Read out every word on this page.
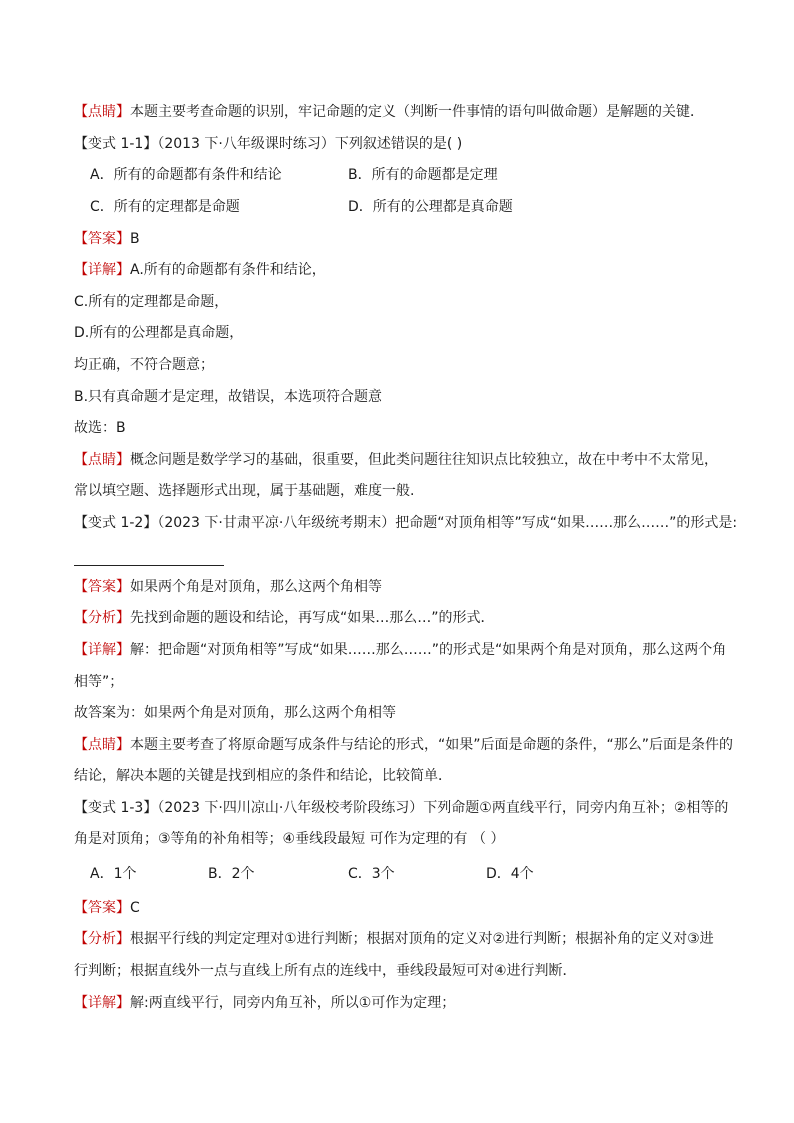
【点睛】本题主要考查命题的识别，牢记命题的定义（判断一件事情的语句叫做命题）是解题的关键．
【变式 1-1】（2013 下·八年级课时练习）下列叙述错误的是( )
A．所有的命题都有条件和结论	B．所有的命题都是定理
C．所有的定理都是命题	D．所有的公理都是真命题
【答案】B
【详解】A.所有的命题都有条件和结论，
C.所有的定理都是命题，
D.所有的公理都是真命题，
均正确，不符合题意；
B.只有真命题才是定理，故错误，本选项符合题意
故选：B
【点睛】概念问题是数学学习的基础，很重要，但此类问题往往知识点比较独立，故在中考中不太常见，
常以填空题、选择题形式出现，属于基础题，难度一般.
【变式 1-2】（2023 下·甘肃平凉·八年级统考期末）把命题“对顶角相等”写成“如果……那么……”的形式是:
【答案】如果两个角是对顶角，那么这两个角相等
【分析】先找到命题的题设和结论，再写成“如果…那么…”的形式．
【详解】解：把命题“对顶角相等”写成“如果……那么……”的形式是“如果两个角是对顶角，那么这两个角
相等”；
故答案为：如果两个角是对顶角，那么这两个角相等
【点睛】本题主要考查了将原命题写成条件与结论的形式，“如果”后面是命题的条件，“那么”后面是条件的
结论，解决本题的关键是找到相应的条件和结论，比较简单．
【变式 1-3】（2023 下·四川凉山·八年级校考阶段练习）下列命题①两直线平行，同旁内角互补；②相等的
角是对顶角；③等角的补角相等；④垂线段最短 可作为定理的有 （ ）
A．1个	B．2个	C．3个	D．4个
【答案】C
【分析】根据平行线的判定定理对①进行判断；根据对顶角的定义对②进行判断；根据补角的定义对③进
行判断；根据直线外一点与直线上所有点的连线中，垂线段最短可对④进行判断．
【详解】解:两直线平行，同旁内角互补，所以①可作为定理；
